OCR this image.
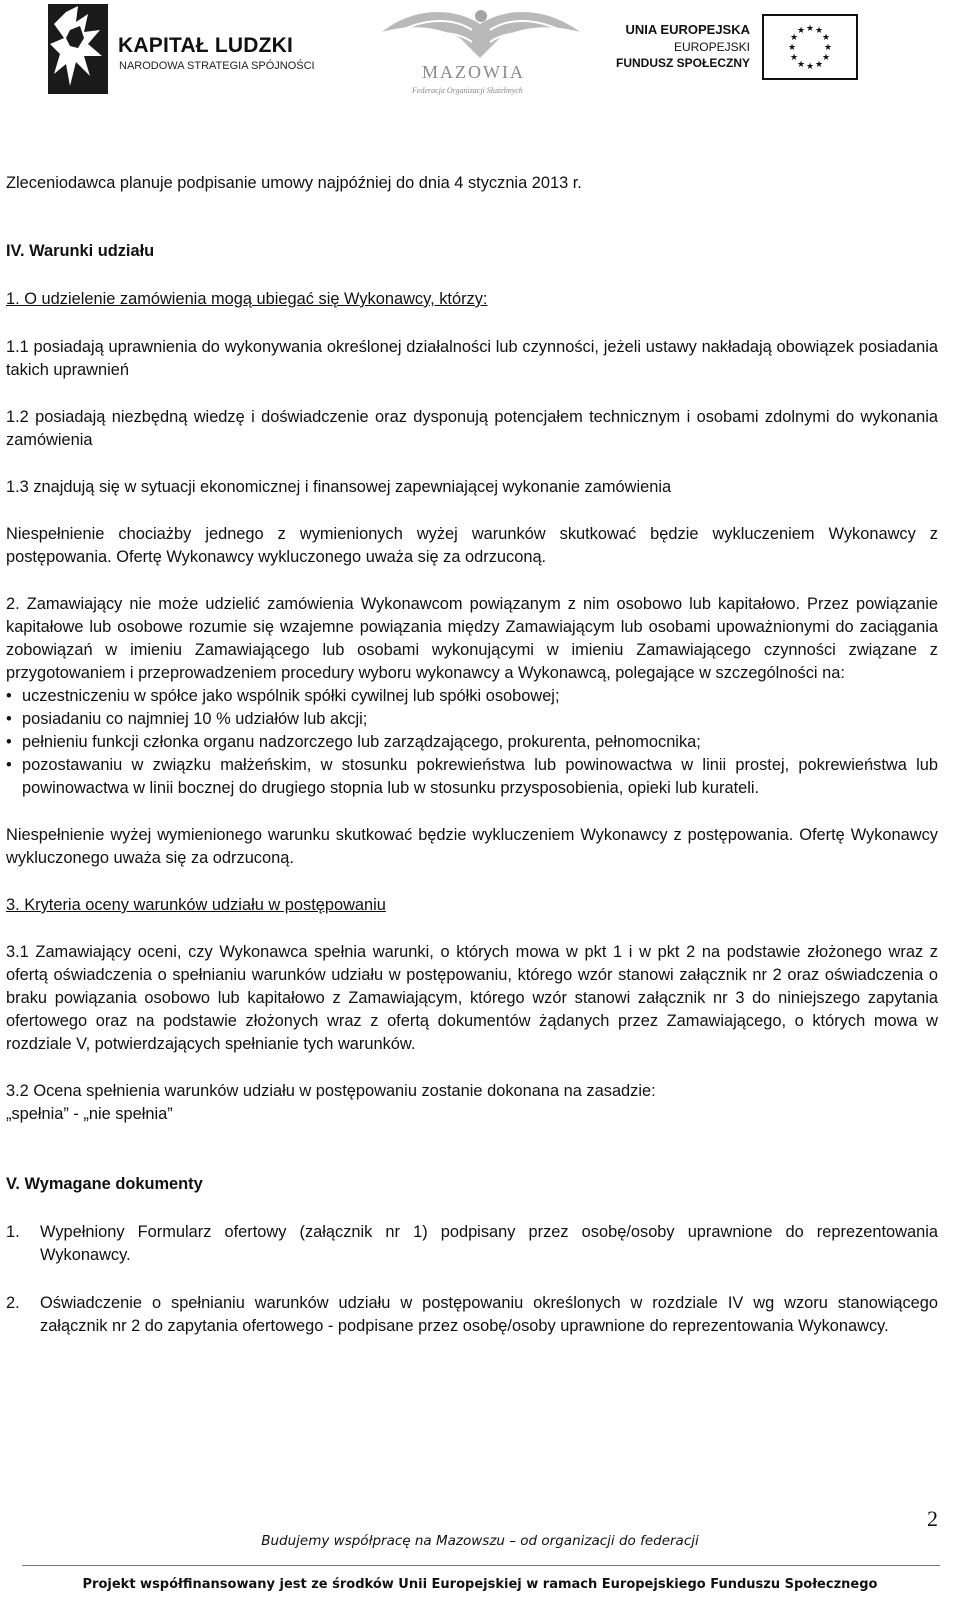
KAPITAŁ LUDZKI
NARODOWA STRATEGIA SPÓJNOŚCI	MAZOWIA
Federacja Organizacji Służebnych
UNIA EUROPEJSKA
EUROPEJSKI
FUNDUSZ SPOŁECZNY
★ ★
★
★
★
★
★
★
★
★
★
★

Zleceniodawca planuje podpisanie umowy najpóźniej do dnia 4 stycznia 2013 r.

IV. Warunki udziału

1. O udzielenie zamówienia mogą ubiegać się Wykonawcy, którzy:

1.1 posiadają uprawnienia do wykonywania określonej działalności lub czynności, jeżeli ustawy nakładają obowiązek posiadania takich uprawnień

1.2 posiadają niezbędną wiedzę i doświadczenie oraz dysponują potencjałem technicznym i osobami zdolnymi do wykonania zamówienia

1.3 znajdują się w sytuacji ekonomicznej i finansowej zapewniającej wykonanie zamówienia

Niespełnienie chociażby jednego z wymienionych wyżej warunków skutkować będzie wykluczeniem Wykonawcy z postępowania. Ofertę Wykonawcy wykluczonego uważa się za odrzuconą.

2. Zamawiający nie może udzielić zamówienia Wykonawcom powiązanym z nim osobowo lub kapitałowo. Przez powiązanie kapitałowe lub osobowe rozumie się wzajemne powiązania między Zamawiającym lub osobami upoważnionymi do zaciągania zobowiązań w imieniu Zamawiającego lub osobami wykonującymi w imieniu Zamawiającego czynności związane z przygotowaniem i przeprowadzeniem procedury wyboru wykonawcy a Wykonawcą, polegające w szczególności na:

• uczestniczeniu w spółce jako wspólnik spółki cywilnej lub spółki osobowej;

• posiadaniu co najmniej 10 % udziałów lub akcji;

• pełnieniu funkcji członka organu nadzorczego lub zarządzającego, prokurenta, pełnomocnika;

• pozostawaniu w związku małżeńskim, w stosunku pokrewieństwa lub powinowactwa w linii prostej, pokrewieństwa lub powinowactwa w linii bocznej do drugiego stopnia lub w stosunku przysposobienia, opieki lub kurateli.

Niespełnienie wyżej wymienionego warunku skutkować będzie wykluczeniem Wykonawcy z postępowania. Ofertę Wykonawcy wykluczonego uważa się za odrzuconą.

3. Kryteria oceny warunków udziału w postępowaniu

3.1 Zamawiający oceni, czy Wykonawca spełnia warunki, o których mowa w pkt 1 i w pkt 2 na podstawie złożonego wraz z ofertą oświadczenia o spełnianiu warunków udziału w postępowaniu, którego wzór stanowi załącznik nr 2 oraz oświadczenia o braku powiązania osobowo lub kapitałowo z Zamawiającym, którego wzór stanowi załącznik nr 3 do niniejszego zapytania ofertowego oraz na podstawie złożonych wraz z ofertą dokumentów żądanych przez Zamawiającego, o których mowa w rozdziale V, potwierdzających spełnianie tych warunków.

3.2 Ocena spełnienia warunków udziału w postępowaniu zostanie dokonana na zasadzie:

„spełnia” - „nie spełnia”

V. Wymagane dokumenty

1.	Wypełniony Formularz ofertowy (załącznik nr 1) podpisany przez osobę/osoby uprawnione do reprezentowania Wykonawcy.
2.	Oświadczenie o spełnianiu warunków udziału w postępowaniu określonych w rozdziale IV wg wzoru stanowiącego załącznik nr 2 do zapytania ofertowego - podpisane przez osobę/osoby uprawnione do reprezentowania Wykonawcy.
2
Budujemy współpracę na Mazowszu – od organizacji do federacji
Projekt współfinansowany jest ze środków Unii Europejskiej w ramach Europejskiego Funduszu Społecznego
